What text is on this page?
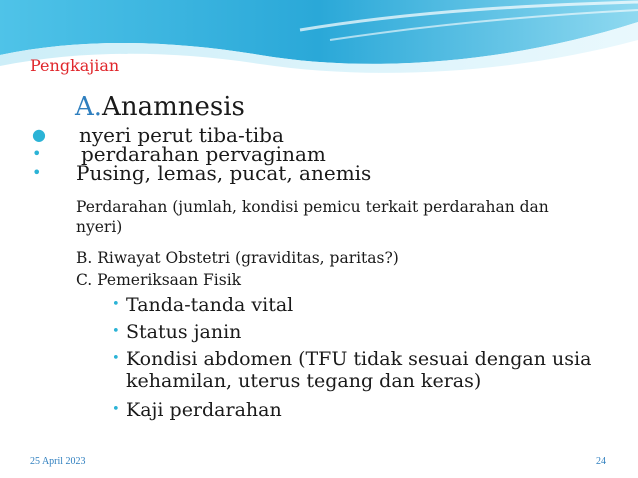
Pengkajian
A.Anamnesis
● nyeri perut tiba-tiba
• perdarahan pervaginam
• Pusing, lemas, pucat, anemis
Perdarahan (jumlah, kondisi pemicu terkait perdarahan dan nyeri)
B. Riwayat Obstetri (graviditas, paritas?)
C. Pemeriksaan Fisik
• Tanda-tanda vital
• Status janin
• Kondisi abdomen (TFU tidak sesuai dengan usia kehamilan, uterus tegang dan keras)
• Kaji perdarahan
25 April 2023	24
